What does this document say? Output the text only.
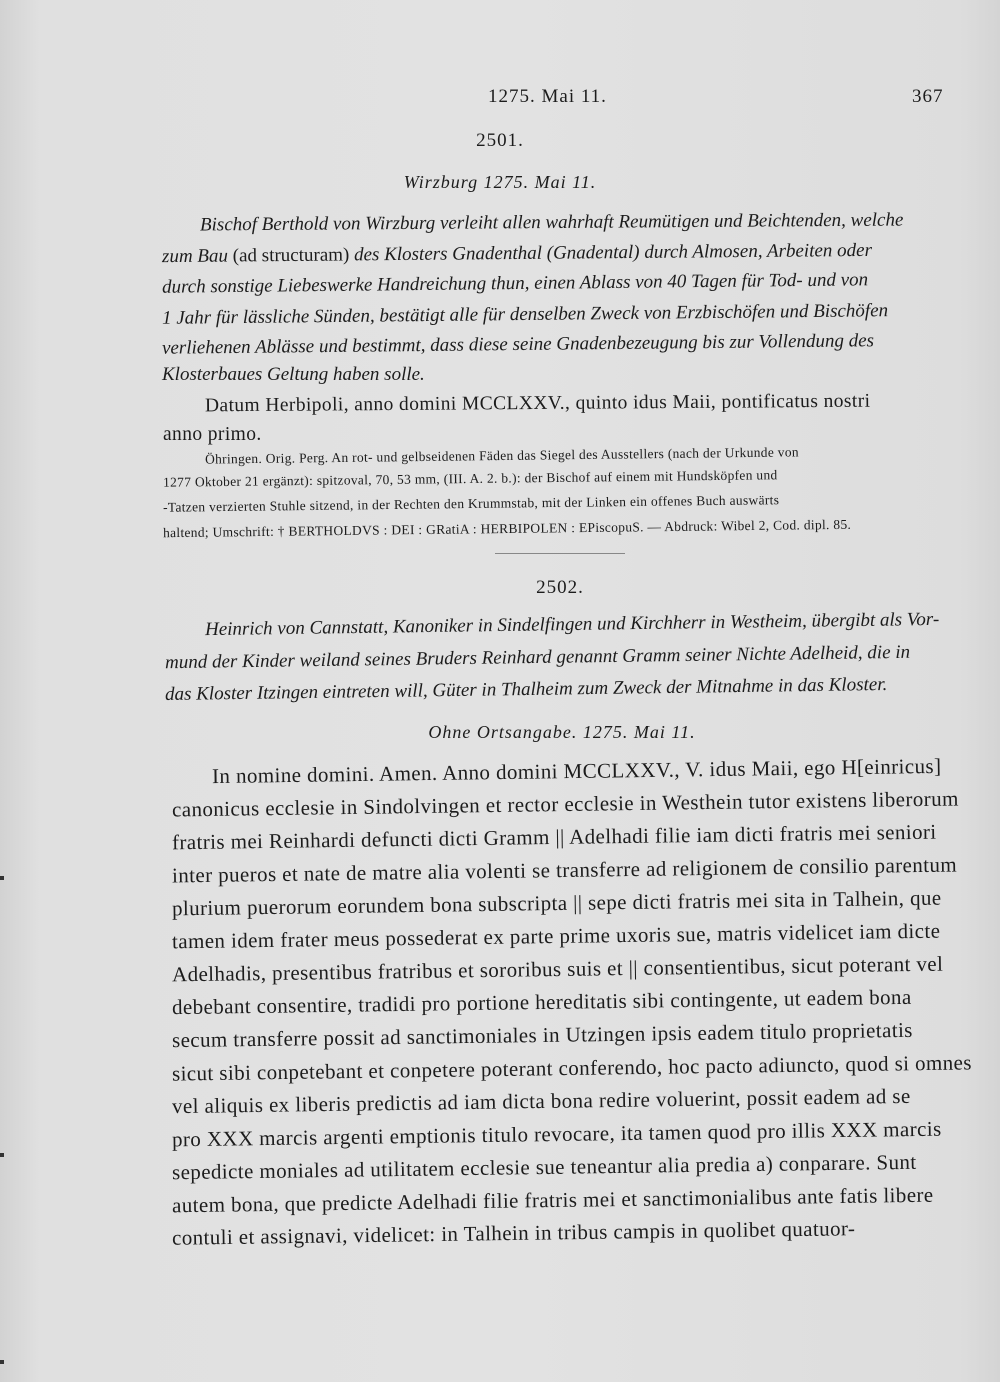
1275. Mai 11.	367
2501.
Wirzburg 1275. Mai 11.
Bischof Berthold von Wirzburg verleiht allen wahrhaft Reumütigen und Beichtenden, welche
zum Bau (ad structuram) des Klosters Gnadenthal (Gnadental) durch Almosen, Arbeiten oder
durch sonstige Liebeswerke Handreichung thun, einen Ablass von 40 Tagen für Tod- und von
1 Jahr für lässliche Sünden, bestätigt alle für denselben Zweck von Erzbischöfen und Bischöfen
verliehenen Ablässe und bestimmt, dass diese seine Gnadenbezeugung bis zur Vollendung des
Klosterbaues Geltung haben solle.
Datum Herbipoli, anno domini MCCLXXV., quinto idus Maii, pontificatus nostri
anno primo.
Öhringen. Orig. Perg. An rot- und gelbseidenen Fäden das Siegel des Ausstellers (nach der Urkunde von
1277 Oktober 21 ergänzt): spitzoval, 70, 53 mm, (III. A. 2. b.): der Bischof auf einem mit Hundsköpfen und
-Tatzen verzierten Stuhle sitzend, in der Rechten den Krummstab, mit der Linken ein offenes Buch auswärts
haltend; Umschrift: † BERTHOLDVS : DEI : GRatiA : HERBIPOLEN : EPiscopuS. — Abdruck: Wibel 2, Cod. dipl. 85.
2502.
Heinrich von Cannstatt, Kanoniker in Sindelfingen und Kirchherr in Westheim, übergibt als Vor-
mund der Kinder weiland seines Bruders Reinhard genannt Gramm seiner Nichte Adelheid, die in
das Kloster Itzingen eintreten will, Güter in Thalheim zum Zweck der Mitnahme in das Kloster.
Ohne Ortsangabe. 1275. Mai 11.
In nomine domini. Amen. Anno domini MCCLXXV., V. idus Maii, ego H[einricus]
canonicus ecclesie in Sindolvingen et rector ecclesie in Westhein tutor existens liberorum
fratris mei Reinhardi defuncti dicti Gramm || Adelhadi filie iam dicti fratris mei seniori
inter pueros et nate de matre alia volenti se transferre ad religionem de consilio parentum
plurium puerorum eorundem bona subscripta || sepe dicti fratris mei sita in Talhein, que
tamen idem frater meus possederat ex parte prime uxoris sue, matris videlicet iam dicte
Adelhadis, presentibus fratribus et sororibus suis et || consentientibus, sicut poterant vel
debebant consentire, tradidi pro portione hereditatis sibi contingente, ut eadem bona
secum transferre possit ad sanctimoniales in Utzingen ipsis eadem titulo proprietatis
sicut sibi conpetebant et conpetere poterant conferendo, hoc pacto adiuncto, quod si omnes
vel aliquis ex liberis predictis ad iam dicta bona redire voluerint, possit eadem ad se
pro XXX marcis argenti emptionis titulo revocare, ita tamen quod pro illis XXX marcis
sepedicte moniales ad utilitatem ecclesie sue teneantur alia predia a) conparare. Sunt
autem bona, que predicte Adelhadi filie fratris mei et sanctimonialibus ante fatis libere
contuli et assignavi, videlicet: in Talhein in tribus campis in quolibet quatuor-
